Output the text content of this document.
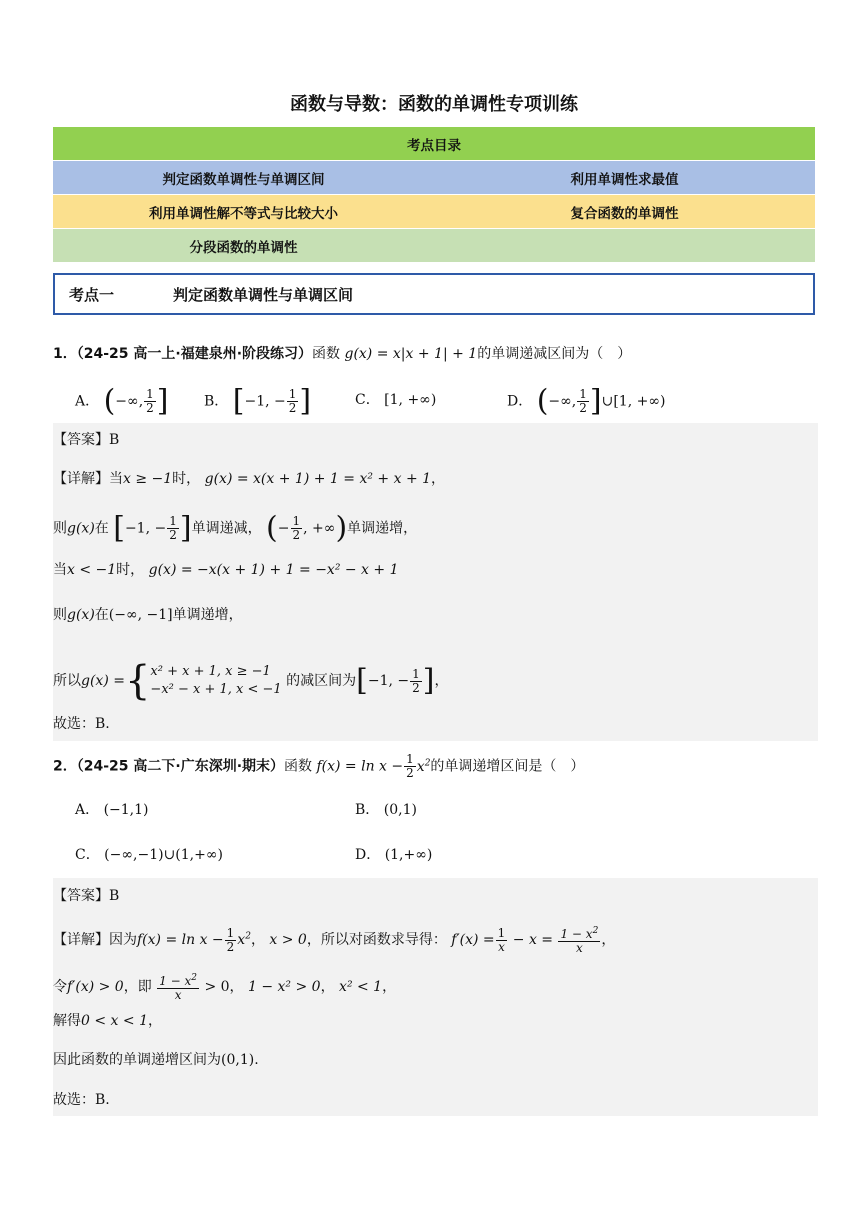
函数与导数：函数的单调性专项训练
考点目录
判定函数单调性与单调区间	利用单调性求最值
利用单调性解不等式与比较大小	复合函数的单调性
分段函数的单调性
考点一	判定函数单调性与单调区间
1．（24-25 高一上·福建泉州·阶段练习）函数 g(x) = x|x + 1| + 1的单调递减区间为（　）
A． (−∞, $\frac{1}{2}$ ]	B． [−1, − $\frac{1}{2}$ ]	C． [1, +∞)	D． (−∞, $\frac{1}{2}$ ]∪[1, +∞)
【答案】B
【详解】当x ≥ −1时， g(x) = x(x + 1) + 1 = x² + x + 1，
则g(x)在 [−1, − $\frac{1}{2}$ ]单调递减， (− $\frac{1}{2}$ , +∞)单调递增，
当x < −1时， g(x) = −x(x + 1) + 1 = −x² − x + 1
则g(x)在(−∞, −1]单调递增，
所以g(x) ={x² + x + 1, x ≥ −1
−x² − x + 1, x < −1 的减区间为[−1, − $\frac{1}{2}$ ]，
故选：B.
2．（24-25 高二下·广东深圳·期末）函数 $f(x) = \ln x - \frac{1}{2} x^2$的单调递增区间是（　）
A． (−1,1)	B． (0,1)
C． (−∞,−1)∪(1,+∞)	D． (1,+∞)
【答案】B
【详解】因为$f(x) = \ln x - \frac{1}{2} x^2$， x > 0，所以对函数求导得： $f'(x) = \frac{1}{x} - x = \frac{1 - x^2}{x}$ ，
令f′(x) > 0，即 $\frac{1 - x^2}{x} > 0$， 1 − x² > 0， x² < 1，
解得0 < x < 1，
因此函数的单调递增区间为(0,1).
故选：B.
